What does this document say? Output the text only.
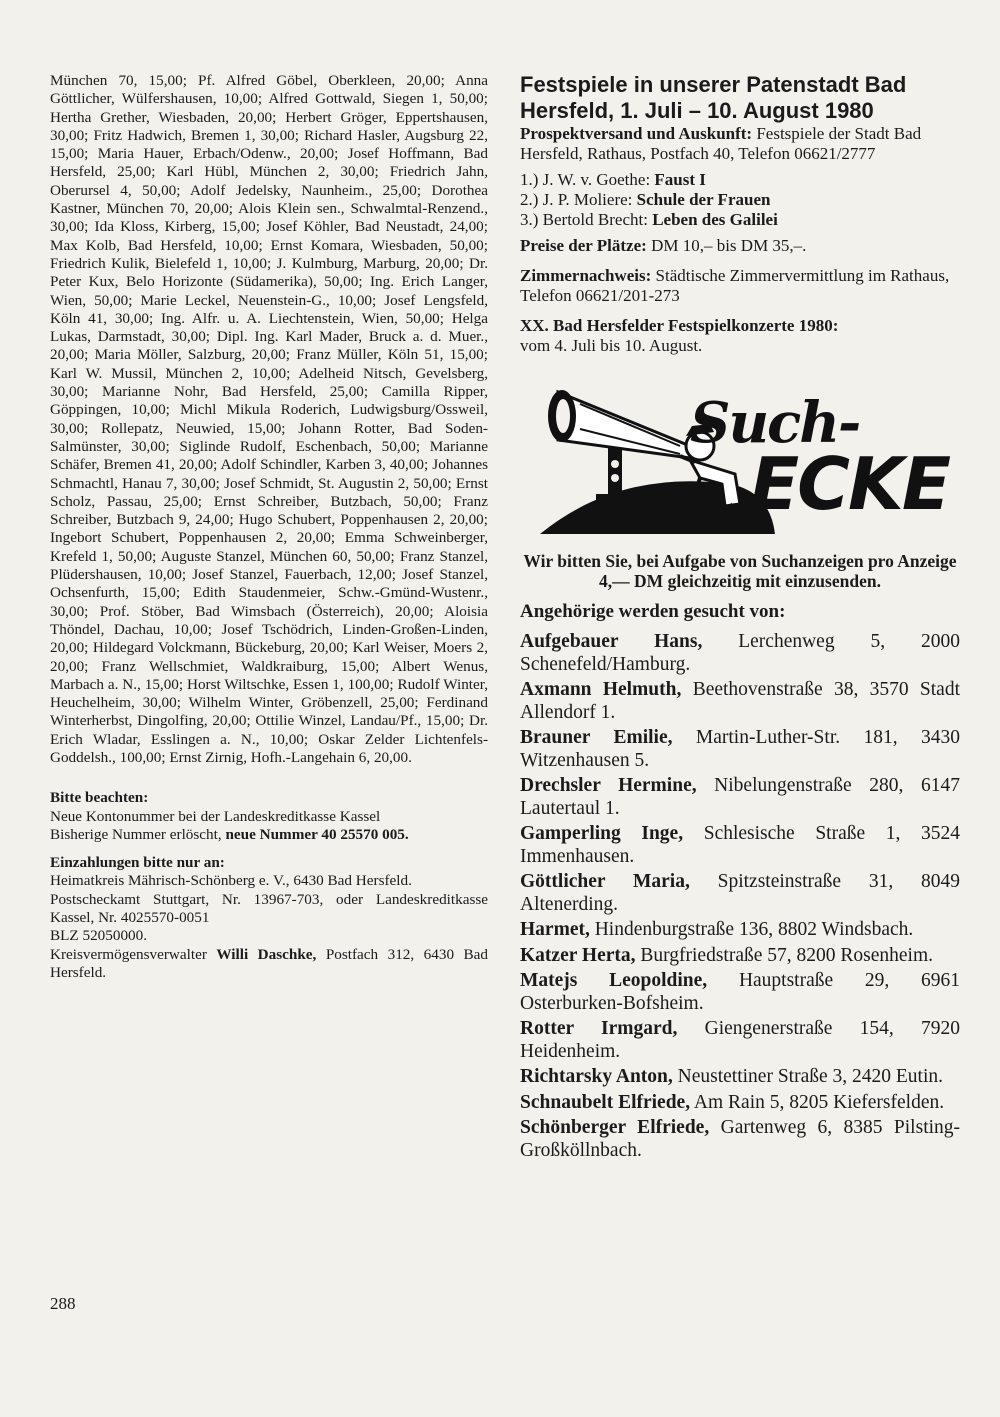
München 70, 15,00; Pf. Alfred Göbel, Oberkleen, 20,00; Anna Göttlicher, Wülfershausen, 10,00; Alfred Gottwald, Siegen 1, 50,00; Hertha Grether, Wiesbaden, 20,00; Herbert Gröger, Eppertshausen, 30,00; Fritz Hadwich, Bremen 1, 30,00; Richard Hasler, Augsburg 22, 15,00; Maria Hauer, Erbach/Odenw., 20,00; Josef Hoffmann, Bad Hersfeld, 25,00; Karl Hübl, München 2, 30,00; Friedrich Jahn, Oberursel 4, 50,00; Adolf Jedelsky, Naunheim., 25,00; Dorothea Kastner, München 70, 20,00; Alois Klein sen., Schwalmtal-Renzend., 30,00; Ida Kloss, Kirberg, 15,00; Josef Köhler, Bad Neustadt, 24,00; Max Kolb, Bad Hersfeld, 10,00; Ernst Komara, Wiesbaden, 50,00; Friedrich Kulik, Bielefeld 1, 10,00; J. Kulmburg, Marburg, 20,00; Dr. Peter Kux, Belo Horizonte (Südamerika), 50,00; Ing. Erich Langer, Wien, 50,00; Marie Leckel, Neuenstein-G., 10,00; Josef Lengsfeld, Köln 41, 30,00; Ing. Alfr. u. A. Liechtenstein, Wien, 50,00; Helga Lukas, Darmstadt, 30,00; Dipl. Ing. Karl Mader, Bruck a. d. Muer., 20,00; Maria Möller, Salzburg, 20,00; Franz Müller, Köln 51, 15,00; Karl W. Mussil, München 2, 10,00; Adelheid Nitsch, Gevelsberg, 30,00; Marianne Nohr, Bad Hersfeld, 25,00; Camilla Ripper, Göppingen, 10,00; Michl Mikula Roderich, Ludwigsburg/Ossweil, 30,00; Rollepatz, Neuwied, 15,00; Johann Rotter, Bad Soden-Salmünster, 30,00; Siglinde Rudolf, Eschenbach, 50,00; Marianne Schäfer, Bremen 41, 20,00; Adolf Schindler, Karben 3, 40,00; Johannes Schmachtl, Hanau 7, 30,00; Josef Schmidt, St. Augustin 2, 50,00; Ernst Scholz, Passau, 25,00; Ernst Schreiber, Butzbach, 50,00; Franz Schreiber, Butzbach 9, 24,00; Hugo Schubert, Poppenhausen 2, 20,00; Ingebort Schubert, Poppenhausen 2, 20,00; Emma Schweinberger, Krefeld 1, 50,00; Auguste Stanzel, München 60, 50,00; Franz Stanzel, Plüdershausen, 10,00; Josef Stanzel, Fauerbach, 12,00; Josef Stanzel, Ochsenfurth, 15,00; Edith Staudenmeier, Schw.-Gmünd-Wustenr., 30,00; Prof. Stöber, Bad Wimsbach (Österreich), 20,00; Aloisia Thöndel, Dachau, 10,00; Josef Tschödrich, Linden-Großen-Linden, 20,00; Hildegard Volckmann, Bückeburg, 20,00; Karl Weiser, Moers 2, 20,00; Franz Wellschmiet, Waldkraiburg, 15,00; Albert Wenus, Marbach a. N., 15,00; Horst Wiltschke, Essen 1, 100,00; Rudolf Winter, Heuchelheim, 30,00; Wilhelm Winter, Gröbenzell, 25,00; Ferdinand Winterherbst, Dingolfing, 20,00; Ottilie Winzel, Landau/Pf., 15,00; Dr. Erich Wladar, Esslingen a. N., 10,00; Oskar Zelder Lichtenfels-Goddelsh., 100,00; Ernst Zirnig, Hofh.-Langehain 6, 20,00.

Bitte beachten:

Neue Kontonummer bei der Landeskreditkasse Kassel

Bisherige Nummer erlöscht, neue Nummer 40 25570 005.

Einzahlungen bitte nur an:

Heimatkreis Mährisch-Schönberg e. V., 6430 Bad Hersfeld.

Postscheckamt Stuttgart, Nr. 13967-703, oder Landeskreditkasse Kassel, Nr. 4025570-0051

BLZ 52050000.

Kreisvermögensverwalter Willi Daschke, Postfach 312, 6430 Bad Hersfeld.

288

Festspiele in unserer Patenstadt Bad Hersfeld, 1. Juli – 10. August 1980

Prospektversand und Auskunft: Festspiele der Stadt Bad Hersfeld, Rathaus, Postfach 40, Telefon 06621/2777

1.) J. W. v. Goethe: Faust I
2.) J. P. Moliere: Schule der Frauen
3.) Bertold Brecht: Leben des Galilei

Preise der Plätze: DM 10,– bis DM 35,–.

Zimmernachweis: Städtische Zimmervermittlung im Rathaus, Telefon 06621/201-273

XX. Bad Hersfelder Festspielkonzerte 1980:
vom 4. Juli bis 10. August.

Such-
ECKE

Wir bitten Sie, bei Aufgabe von Suchanzeigen pro Anzeige 4,— DM gleichzeitig mit einzusenden.

Angehörige werden gesucht von:

Aufgebauer Hans, Lerchenweg 5, 2000 Schenefeld/Hamburg.
Axmann Helmuth, Beethovenstraße 38, 3570 Stadt Allendorf 1.
Brauner Emilie, Martin-Luther-Str. 181, 3430 Witzenhausen 5.
Drechsler Hermine, Nibelungenstraße 280, 6147 Lautertaul 1.
Gamperling Inge, Schlesische Straße 1, 3524 Immenhausen.
Göttlicher Maria, Spitzsteinstraße 31, 8049 Altenerding.
Harmet, Hindenburgstraße 136, 8802 Windsbach.
Katzer Herta, Burgfriedstraße 57, 8200 Rosenheim.
Matejs Leopoldine, Hauptstraße 29, 6961 Osterburken-Bofsheim.
Rotter Irmgard, Giengenerstraße 154, 7920 Heidenheim.
Richtarsky Anton, Neustettiner Straße 3, 2420 Eutin.
Schnaubelt Elfriede, Am Rain 5, 8205 Kiefersfelden.
Schönberger Elfriede, Gartenweg 6, 8385 Pilsting-Großköllnbach.
